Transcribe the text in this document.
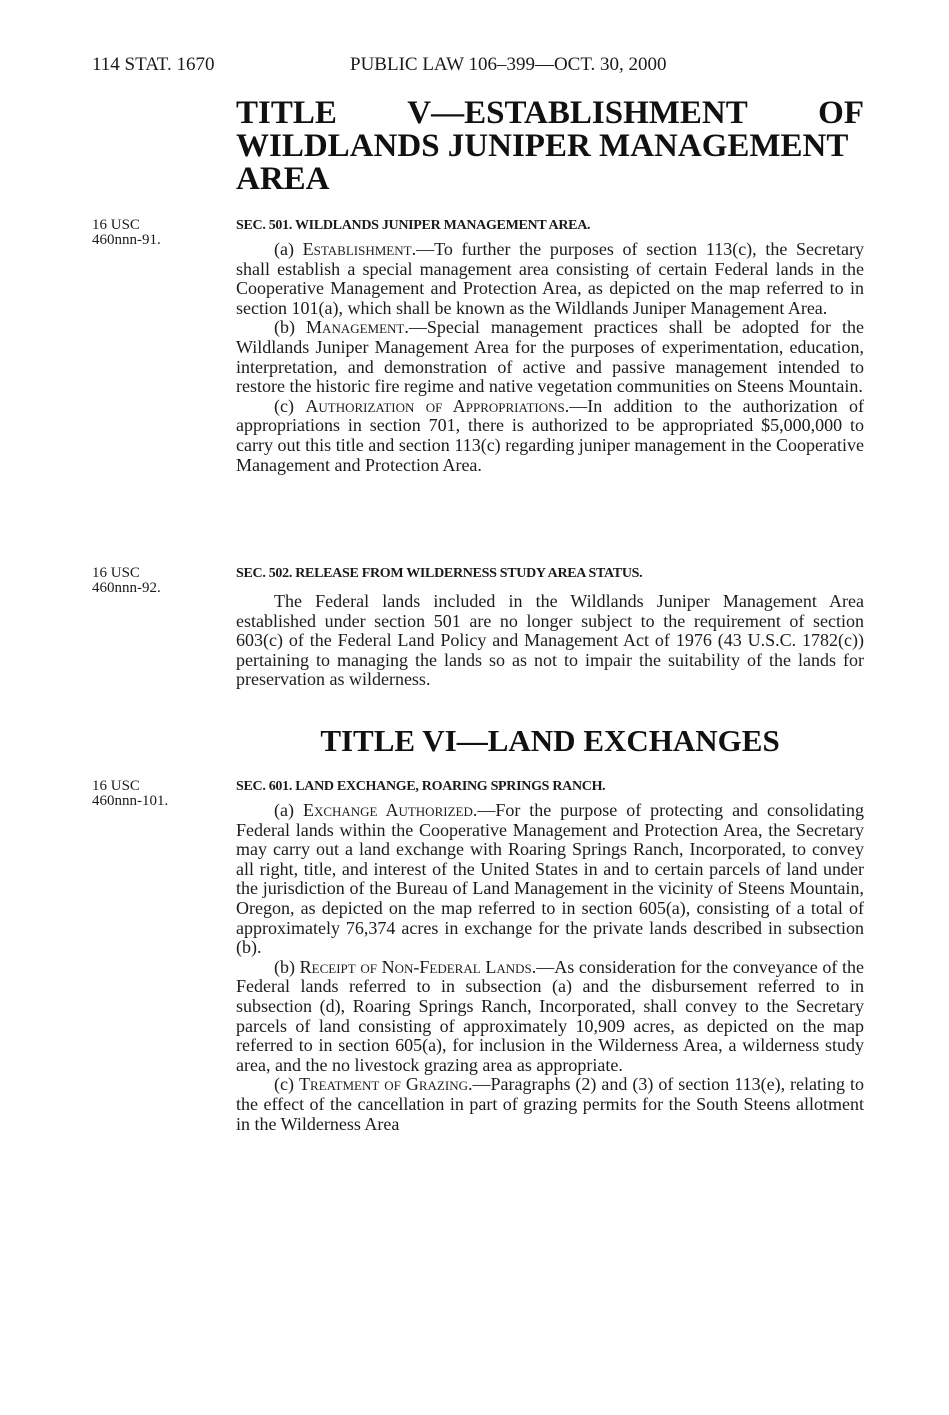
114 STAT. 1670	PUBLIC LAW 106–399—OCT. 30, 2000
TITLE V—ESTABLISHMENT OF
WILDLANDS JUNIPER MANAGEMENT
AREA
16 USC
460nnn-91.
SEC. 501. WILDLANDS JUNIPER MANAGEMENT AREA.

(a) Establishment.—To further the purposes of section 113(c), the Secretary shall establish a special management area consisting of certain Federal lands in the Cooperative Management and Protection Area, as depicted on the map referred to in section 101(a), which shall be known as the Wildlands Juniper Management Area.

(b) Management.—Special management practices shall be adopted for the Wildlands Juniper Management Area for the purposes of experimentation, education, interpretation, and demonstration of active and passive management intended to restore the historic fire regime and native vegetation communities on Steens Mountain.

(c) Authorization of Appropriations.—In addition to the authorization of appropriations in section 701, there is authorized to be appropriated $5,000,000 to carry out this title and section 113(c) regarding juniper management in the Cooperative Management and Protection Area.

16 USC
460nnn-92.
SEC. 502. RELEASE FROM WILDERNESS STUDY AREA STATUS.

The Federal lands included in the Wildlands Juniper Management Area established under section 501 are no longer subject to the requirement of section 603(c) of the Federal Land Policy and Management Act of 1976 (43 U.S.C. 1782(c)) pertaining to managing the lands so as not to impair the suitability of the lands for preservation as wilderness.

TITLE VI—LAND EXCHANGES
16 USC
460nnn-101.
SEC. 601. LAND EXCHANGE, ROARING SPRINGS RANCH.

(a) Exchange Authorized.—For the purpose of protecting and consolidating Federal lands within the Cooperative Management and Protection Area, the Secretary may carry out a land exchange with Roaring Springs Ranch, Incorporated, to convey all right, title, and interest of the United States in and to certain parcels of land under the jurisdiction of the Bureau of Land Management in the vicinity of Steens Mountain, Oregon, as depicted on the map referred to in section 605(a), consisting of a total of approximately 76,374 acres in exchange for the private lands described in subsection (b).

(b) Receipt of Non-Federal Lands.—As consideration for the conveyance of the Federal lands referred to in subsection (a) and the disbursement referred to in subsection (d), Roaring Springs Ranch, Incorporated, shall convey to the Secretary parcels of land consisting of approximately 10,909 acres, as depicted on the map referred to in section 605(a), for inclusion in the Wilderness Area, a wilderness study area, and the no livestock grazing area as appropriate.

(c) Treatment of Grazing.—Paragraphs (2) and (3) of section 113(e), relating to the effect of the cancellation in part of grazing permits for the South Steens allotment in the Wilderness Area
